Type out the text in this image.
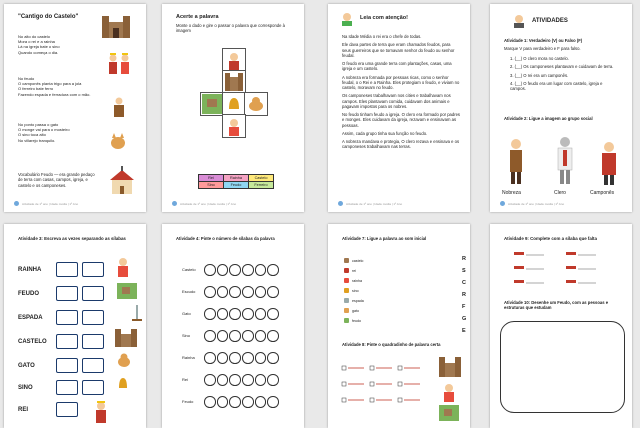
"Cantigo do Castelo"
No alto do castelo
Mora o rei e a rainha
Lá na igreja bate o sino
Quando começa o dia.
No feudo
O camponês planta trigo para a jola
O ferreiro bate ferro
Fazendo espada e ferradura com o mão.
No ponto passa o gato
O monge vai para o mosteiro
O sino toca alto
No villarejo tranquilo.
Vocabulário Feudo — era grande pedaço de terra com casas, campos, igreja, e castelo e os camponeses.
Atividade de 1º ano | Idade média | 1º Ano
Acerte a palavra
Monte o dado e gire o passar o palavra que corresponde à imagem
Rei	Rainha	Castelo
Sino	Feudo	Ferreiro
Atividade de 1º ano | Idade média | 1º Ano
Leia com atenção!

Na Idade Média o rei era o chefe de todas.

Ele dava partes de terra que eram chamados feudos, para seus guerreiros que se tornavam senhor do feudo ou senhor feudal.

O feudo era uma grande terra com plantações, casas, uma igreja e um castelo.

A nobreza era formada por pessoas ricas, como o senhor feudal, o o Rei e a Rainha. Eles protegiam o feudo, e viviam no castelo, moravam no feudo.

Os camponeses trabalhavam nos cities e trabalhavam nos campos. Eles plantavam comida, cuidavam dos animais e pagavam impostos para os nobres.

No feudo tinham feudo a igreja. O clero era formado por padres e monges. Eles cuidavam da igreja, rezavam e ensinavam as pessoas.

Assim, cada grupo tinha sua função no feudo.

A nobreza mandava e protegia, O clero rezava e ensinava e os camponeses trabalhavam nas terras.

Atividade de 1º ano | Idade média | 1º Ano
ATIVIDADES
Atividade 1: Verdadeiro (V) ou Falso (F)
Marque V para verdadeiro e F para falso.
1. (__) O clero mora no castelo.
2. (__) Os camponeses plantavam e cuidavam de terra.
3. (__) O rei era um camponês.
4. (__) O feudo era um lugar com castelo, igreja e campos.
Atividade 2: Ligue a imagem ao grupo social
Nobreza	Clero	Camponês
Atividade de 1º ano | Idade média | 1º Ano
Atividade 3: Escreva as vezes separando as sílabas
RAINHA
FEUDO
ESPADA
CASTELO
GATO
SINO
REI
Atividade 4: Pinte o número de sílabas da palavra
Castelo
Escudo
Gato
Sino
Rainha
Rei
Feudo
Atividade 7: Ligue a palavra ao som inicial
castelo
rei
rainha
sino
espada
gato
feudo
R
S
C
R
F
G
E
Atividade 8: Pinte o quadradinho de palavra certa
Atividade 9: Complete com a sílaba que falta
Atividade 10: Desenhe um Feudo, com as pessoas e estruturas que estudam
